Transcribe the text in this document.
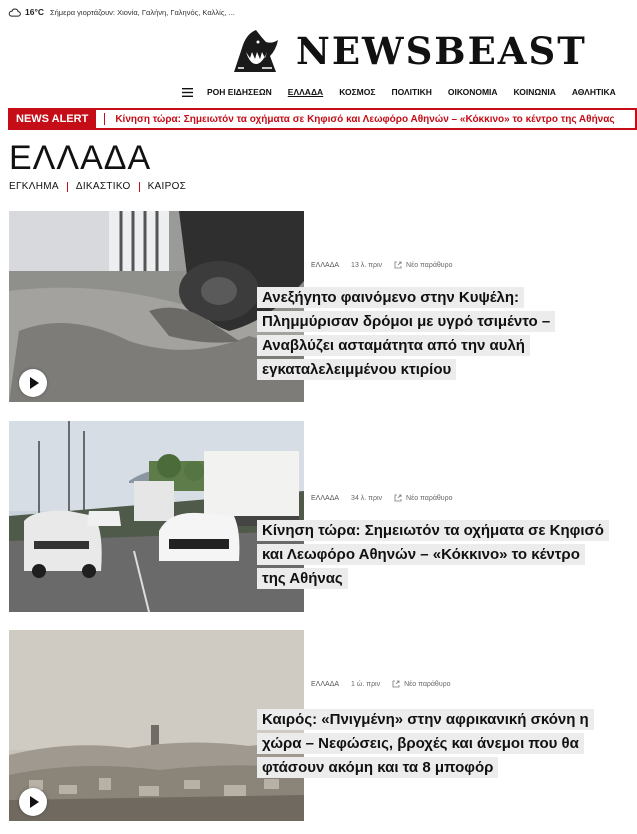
16°C Σήμερα γιορτάζουν: Χιονία, Γαλήνη, Γαληνός, Καλλίς, ...
NEWSBEAST
ΡΟΗ ΕΙΔΗΣΕΩΝ ΕΛΛΑΔΑ ΚΟΣΜΟΣ ΠΟΛΙΤΙΚΗ ΟΙΚΟΝΟΜΙΑ ΚΟΙΝΩΝΙΑ ΑΘΛΗΤΙΚΑ
NEWS ALERT	Κίνηση τώρα: Σημειωτόν τα οχήματα σε Κηφισό και Λεωφόρο Αθηνών – «Κόκκινο» το κέντρο της Αθήνας
ΕΛΛΑΔΑ
ΕΓΚΛΗΜΑ ΔΙΚΑΣΤΙΚΟ ΚΑΙΡΟΣ
ΕΛΛΑΔΑ 13 λ. πριν	Νέο παράθυρο
Ανεξήγητο φαινόμενο στην Κυψέλη: Πλημμύρισαν δρόμοι με υγρό τσιμέντο – Αναβλύζει ασταμάτητα από την αυλή εγκαταλελειμμένου κτιρίου
ΕΛΛΑΔΑ 34 λ. πριν	Νέο παράθυρο
Κίνηση τώρα: Σημειωτόν τα οχήματα σε Κηφισό και Λεωφόρο Αθηνών – «Κόκκινο» το κέντρο της Αθήνας
ΕΛΛΑΔΑ 1 ώ. πριν	Νέο παράθυρο
Καιρός: «Πνιγμένη» στην αφρικανική σκόνη η χώρα – Νεφώσεις, βροχές και άνεμοι που θα φτάσουν ακόμη και τα 8 μποφόρ
